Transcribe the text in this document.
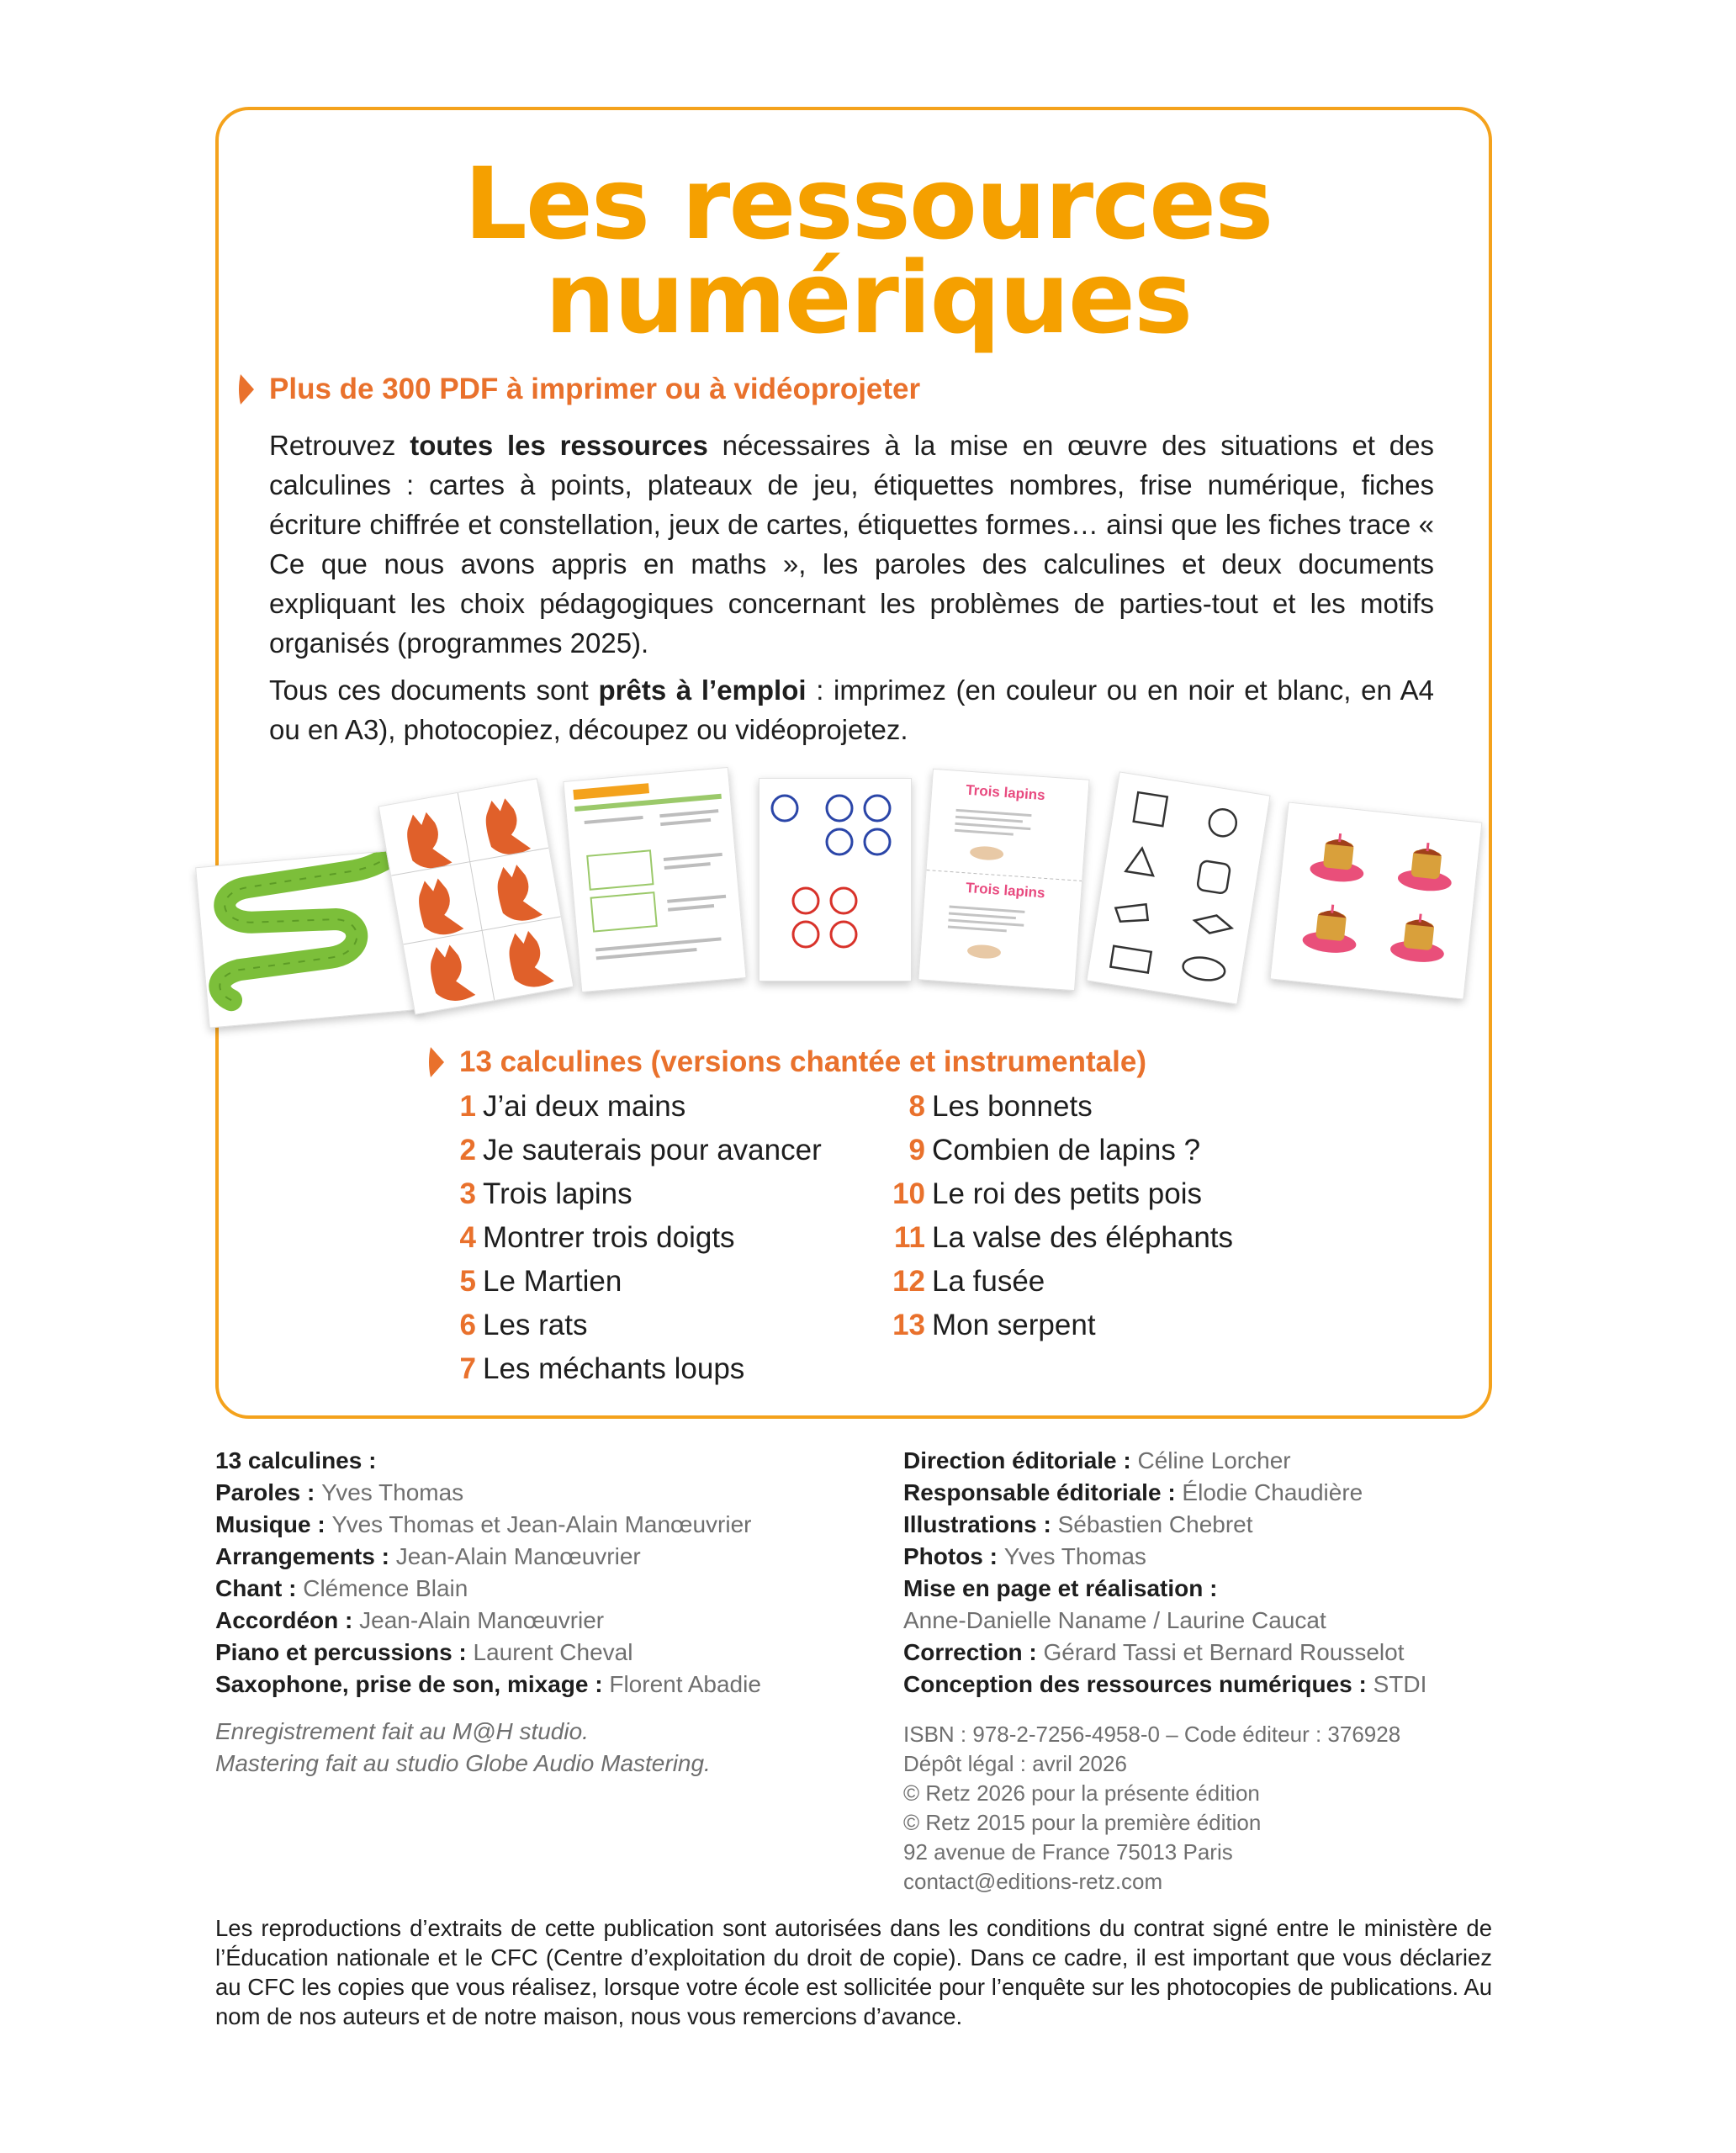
Les ressources
numériques
Plus de 300 PDF à imprimer ou à vidéoprojeter

Retrouvez toutes les ressources nécessaires à la mise en œuvre des situations et des calculines : cartes à points, plateaux de jeu, étiquettes nombres, frise numérique, fiches écriture chiffrée et constellation, jeux de cartes, étiquettes formes… ainsi que les fiches trace « Ce que nous avons appris en maths », les paroles des calculines et deux documents expliquant les choix pédagogiques concernant les problèmes de parties-tout et les motifs organisés (programmes 2025).

Tous ces documents sont prêts à l’emploi : imprimez (en couleur ou en noir et blanc, en A4 ou en A3), photocopiez, découpez ou vidéoprojetez.

Trois lapins
Trois lapins
13 calculines (versions chantée et instrumentale)
1 J’ai deux mains
2 Je sauterais pour avancer
3 Trois lapins
4 Montrer trois doigts
5 Le Martien
6 Les rats
7 Les méchants loups
8 Les bonnets
9 Combien de lapins ?
10 Le roi des petits pois
11 La valse des éléphants
12 La fusée
13 Mon serpent
13 calculines :
Paroles : Yves Thomas
Musique : Yves Thomas et Jean-Alain Manœuvrier
Arrangements : Jean-Alain Manœuvrier
Chant : Clémence Blain
Accordéon : Jean-Alain Manœuvrier
Piano et percussions : Laurent Cheval
Saxophone, prise de son, mixage : Florent Abadie
Enregistrement fait au M@H studio.
Mastering fait au studio Globe Audio Mastering.
Direction éditoriale : Céline Lorcher
Responsable éditoriale : Élodie Chaudière
Illustrations : Sébastien Chebret
Photos : Yves Thomas
Mise en page et réalisation :
Anne-Danielle Naname / Laurine Caucat
Correction : Gérard Tassi et Bernard Rousselot
Conception des ressources numériques : STDI
ISBN : 978-2-7256-4958-0 – Code éditeur : 376928
Dépôt légal : avril 2026
© Retz 2026 pour la présente édition
© Retz 2015 pour la première édition
92 avenue de France 75013 Paris
contact@editions-retz.com

Les reproductions d’extraits de cette publication sont autorisées dans les conditions du contrat signé entre le ministère de l’Éducation nationale et le CFC (Centre d’exploitation du droit de copie). Dans ce cadre, il est important que vous déclariez au CFC les copies que vous réalisez, lorsque votre école est sollicitée pour l’enquête sur les photocopies de publications. Au nom de nos auteurs et de notre maison, nous vous remercions d’avance.
